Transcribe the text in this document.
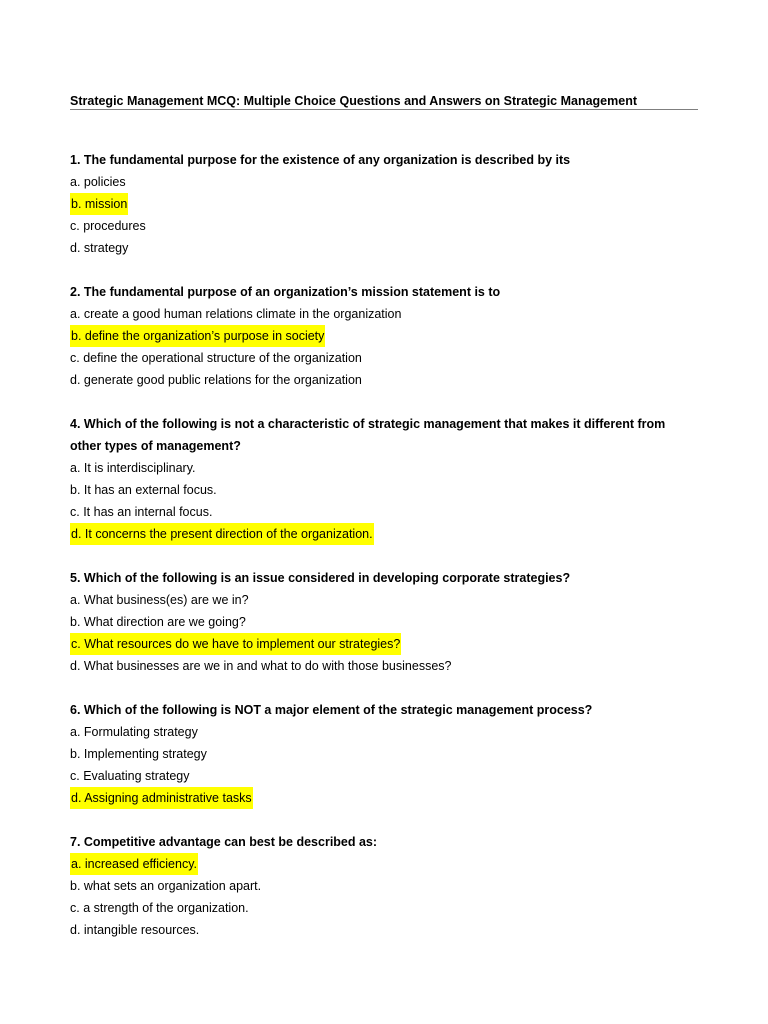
Strategic Management MCQ: Multiple Choice Questions and Answers on Strategic Management
1. The fundamental purpose for the existence of any organization is described by its
a. policies
b. mission
c. procedures
d. strategy
2. The fundamental purpose of an organization’s mission statement is to
a. create a good human relations climate in the organization
b. define the organization’s purpose in society
c. define the operational structure of the organization
d. generate good public relations for the organization
4. Which of the following is not a characteristic of strategic management that makes it different from other types of management?
a. It is interdisciplinary.
b. It has an external focus.
c. It has an internal focus.
d. It concerns the present direction of the organization.
5. Which of the following is an issue considered in developing corporate strategies?
a. What business(es) are we in?
b. What direction are we going?
c. What resources do we have to implement our strategies?
d. What businesses are we in and what to do with those businesses?
6. Which of the following is NOT a major element of the strategic management process?
a. Formulating strategy
b. Implementing strategy
c. Evaluating strategy
d. Assigning administrative tasks
7. Competitive advantage can best be described as:
a. increased efficiency.
b. what sets an organization apart.
c. a strength of the organization.
d. intangible resources.
